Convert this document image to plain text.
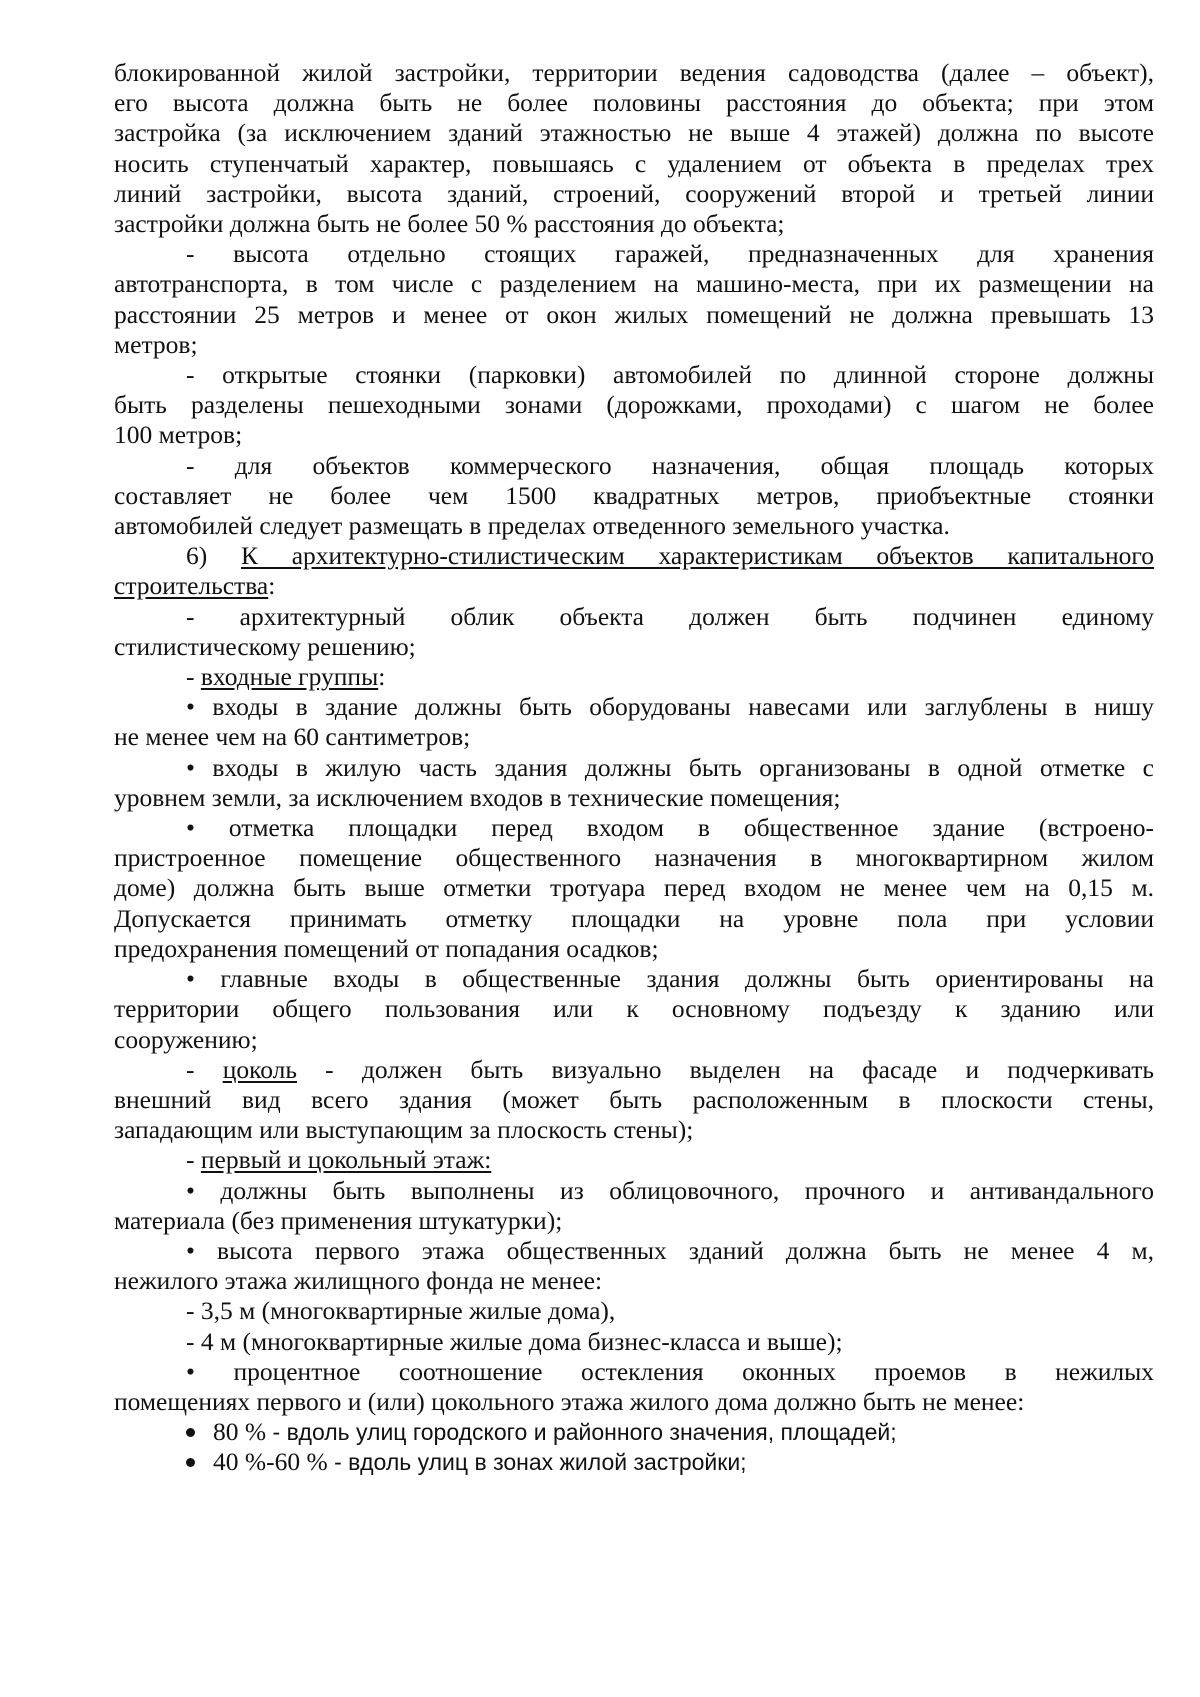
блокированной жилой застройки, территории ведения садоводства (далее – объект),
его высота должна быть не более половины расстояния до объекта; при этом
застройка (за исключением зданий этажностью не выше 4 этажей) должна по высоте
носить ступенчатый характер, повышаясь с удалением от объекта в пределах трех
линий застройки, высота зданий, строений, сооружений второй и третьей линии
застройки должна быть не более 50 % расстояния до объекта;
- высота отдельно стоящих гаражей, предназначенных для хранения
автотранспорта, в том числе с разделением на машино-места, при их размещении на
расстоянии 25 метров и менее от окон жилых помещений не должна превышать 13
метров;
- открытые стоянки (парковки) автомобилей по длинной стороне должны
быть разделены пешеходными зонами (дорожками, проходами) с шагом не более
100 метров;
- для объектов коммерческого назначения, общая площадь которых
составляет не более чем 1500 квадратных метров, приобъектные стоянки
автомобилей следует размещать в пределах отведенного земельного участка.
6) К архитектурно-стилистическим характеристикам объектов капитального
строительства:
- архитектурный облик объекта должен быть подчинен единому
стилистическому решению;
- входные группы:
• входы в здание должны быть оборудованы навесами или заглублены в нишу
не менее чем на 60 сантиметров;
• входы в жилую часть здания должны быть организованы в одной отметке с
уровнем земли, за исключением входов в технические помещения;
• отметка площадки перед входом в общественное здание (встроено-
пристроенное помещение общественного назначения в многоквартирном жилом
доме) должна быть выше отметки тротуара перед входом не менее чем на 0,15 м.
Допускается принимать отметку площадки на уровне пола при условии
предохранения помещений от попадания осадков;
• главные входы в общественные здания должны быть ориентированы на
территории общего пользования или к основному подъезду к зданию или
сооружению;
- цоколь - должен быть визуально выделен на фасаде и подчеркивать
внешний вид всего здания (может быть расположенным в плоскости стены,
западающим или выступающим за плоскость стены);
- первый и цокольный этаж:
• должны быть выполнены из облицовочного, прочного и антивандального
материала (без применения штукатурки);
• высота первого этажа общественных зданий должна быть не менее 4 м,
нежилого этажа жилищного фонда не менее:
- 3,5 м (многоквартирные жилые дома),
- 4 м (многоквартирные жилые дома бизнес-класса и выше);
• процентное соотношение остекления оконных проемов в нежилых
помещениях первого и (или) цокольного этажа жилого дома должно быть не менее:
80 % - вдоль улиц городского и районного значения, площадей;
40 %-60 % - вдоль улиц в зонах жилой застройки;
